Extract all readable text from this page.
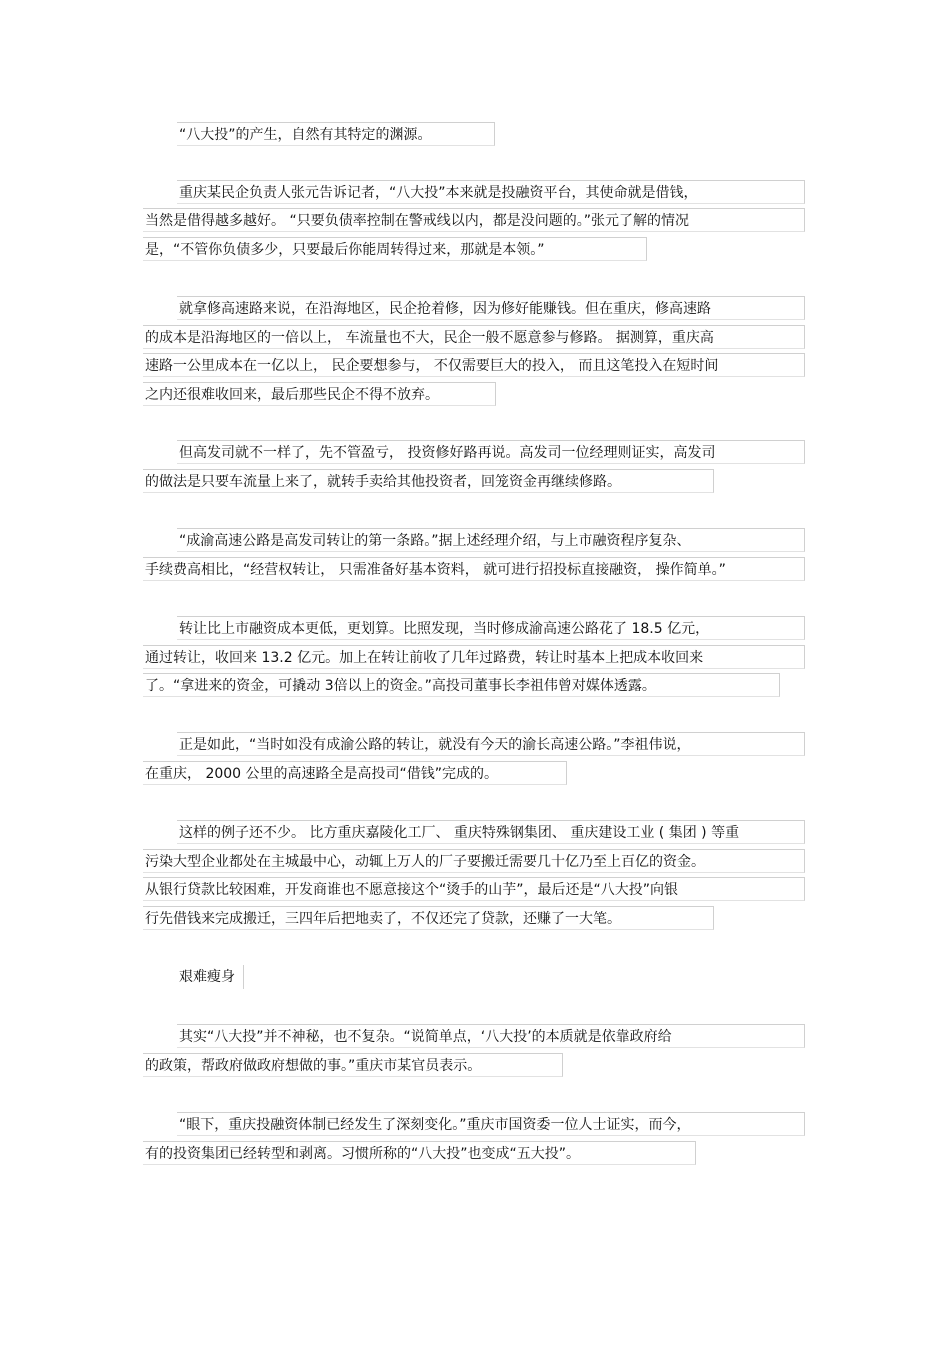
“八大投”的产生，自然有其特定的渊源。
重庆某民企负责人张元告诉记者，“八大投”本来就是投融资平台，其使命就是借钱，
当然是借得越多越好。 “只要负债率控制在警戒线以内，都是没问题的。”张元了解的情况
是，“不管你负债多少，只要最后你能周转得过来，那就是本领。”
就拿修高速路来说，在沿海地区，民企抢着修，因为修好能赚钱。但在重庆，修高速路
的成本是沿海地区的一倍以上， 车流量也不大，民企一般不愿意参与修路。 据测算，重庆高
速路一公里成本在一亿以上， 民企要想参与， 不仅需要巨大的投入， 而且这笔投入在短时间
之内还很难收回来，最后那些民企不得不放弃。
但高发司就不一样了，先不管盈亏， 投资修好路再说。高发司一位经理则证实，高发司
的做法是只要车流量上来了，就转手卖给其他投资者，回笼资金再继续修路。
“成渝高速公路是高发司转让的第一条路。”据上述经理介绍，与上市融资程序复杂、
手续费高相比，“经营权转让， 只需准备好基本资料， 就可进行招投标直接融资， 操作简单。”
转让比上市融资成本更低，更划算。比照发现，当时修成渝高速公路花了 18.5 亿元，
通过转让，收回来 13.2 亿元。加上在转让前收了几年过路费，转让时基本上把成本收回来
了。“拿进来的资金，可撬动 3倍以上的资金。”高投司董事长李祖伟曾对媒体透露。
正是如此，“当时如没有成渝公路的转让，就没有今天的渝长高速公路。”李祖伟说，
在重庆， 2000 公里的高速路全是高投司“借钱”完成的。
这样的例子还不少。 比方重庆嘉陵化工厂、 重庆特殊钢集团、 重庆建设工业 ( 集团 ) 等重
污染大型企业都处在主城最中心，动辄上万人的厂子要搬迁需要几十亿乃至上百亿的资金。
从银行贷款比较困难，开发商谁也不愿意接这个“烫手的山芋”，最后还是“八大投”向银
行先借钱来完成搬迁，三四年后把地卖了，不仅还完了贷款，还赚了一大笔。
艰难瘦身
其实“八大投”并不神秘，也不复杂。“说简单点，‘八大投’的本质就是依靠政府给
的政策，帮政府做政府想做的事。”重庆市某官员表示。
“眼下，重庆投融资体制已经发生了深刻变化。”重庆市国资委一位人士证实，而今，
有的投资集团已经转型和剥离。习惯所称的“八大投”也变成“五大投”。
